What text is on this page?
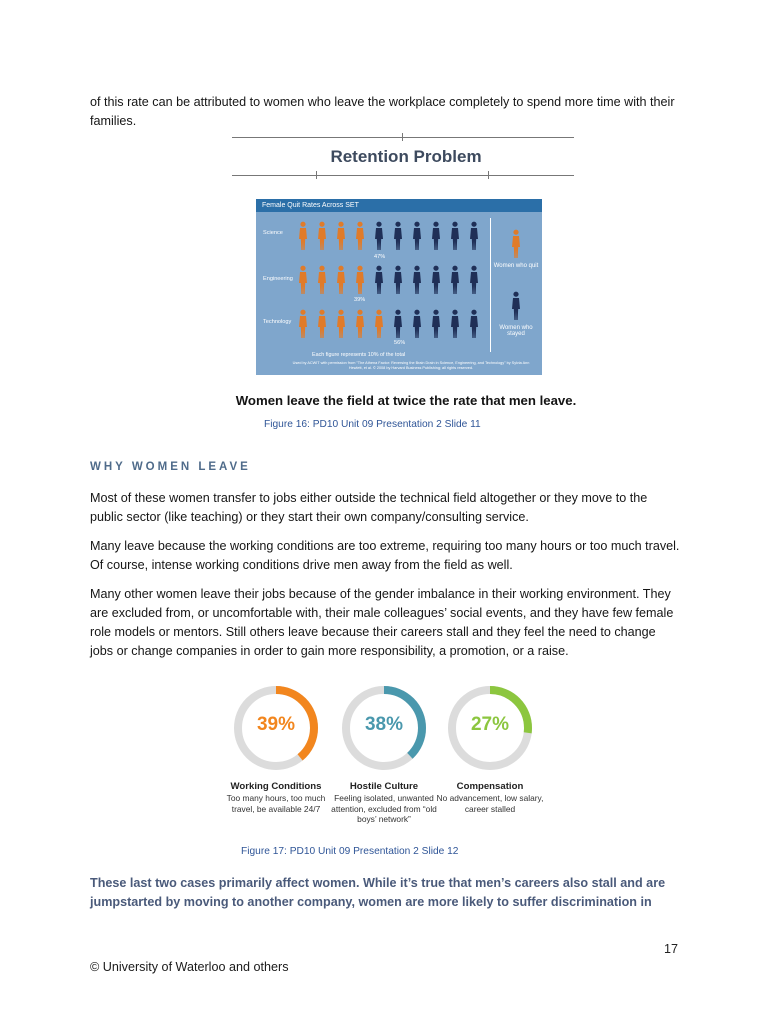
of this rate can be attributed to women who leave the workplace completely to spend more time with their families.
Retention Problem
Female Quit Rates Across SET
Science
Engineering
Technology
47%
39%
56%
Women who quit
Women who stayed
Each figure represents 10% of the total
Used by ACWIT with permission from "The Athena Factor: Reversing the Brain Drain in Science, Engineering, and Technology" by Sylvia Ann Hewlett, et al. © 2008 by Harvard Business Publishing; all rights reserved.
Women leave the field at twice the rate that men leave.
Figure 16: PD10 Unit 09 Presentation 2 Slide 11
WHY WOMEN LEAVE
Most of these women transfer to jobs either outside the technical field altogether or they move to the public sector (like teaching) or they start their own company/consulting service.
Many leave because the working conditions are too extreme, requiring too many hours or too much travel. Of course, intense working conditions drive men away from the field as well.
Many other women leave their jobs because of the gender imbalance in their working environment. They are excluded from, or uncomfortable with, their male colleagues’ social events, and they have few female role models or mentors. Still others leave because their careers stall and they feel the need to change jobs or change companies in order to gain more responsibility, a promotion, or a raise.
39%	38%	27%
Working Conditions
Too many hours, too much travel, be available 24/7
Hostile Culture
Feeling isolated, unwanted attention, excluded from “old boys’ network”
Compensation
No advancement, low salary, career stalled
Figure 17: PD10 Unit 09 Presentation 2 Slide 12
These last two cases primarily affect women. While it’s true that men’s careers also stall and are jumpstarted by moving to another company, women are more likely to suffer discrimination in
17
© University of Waterloo and others
